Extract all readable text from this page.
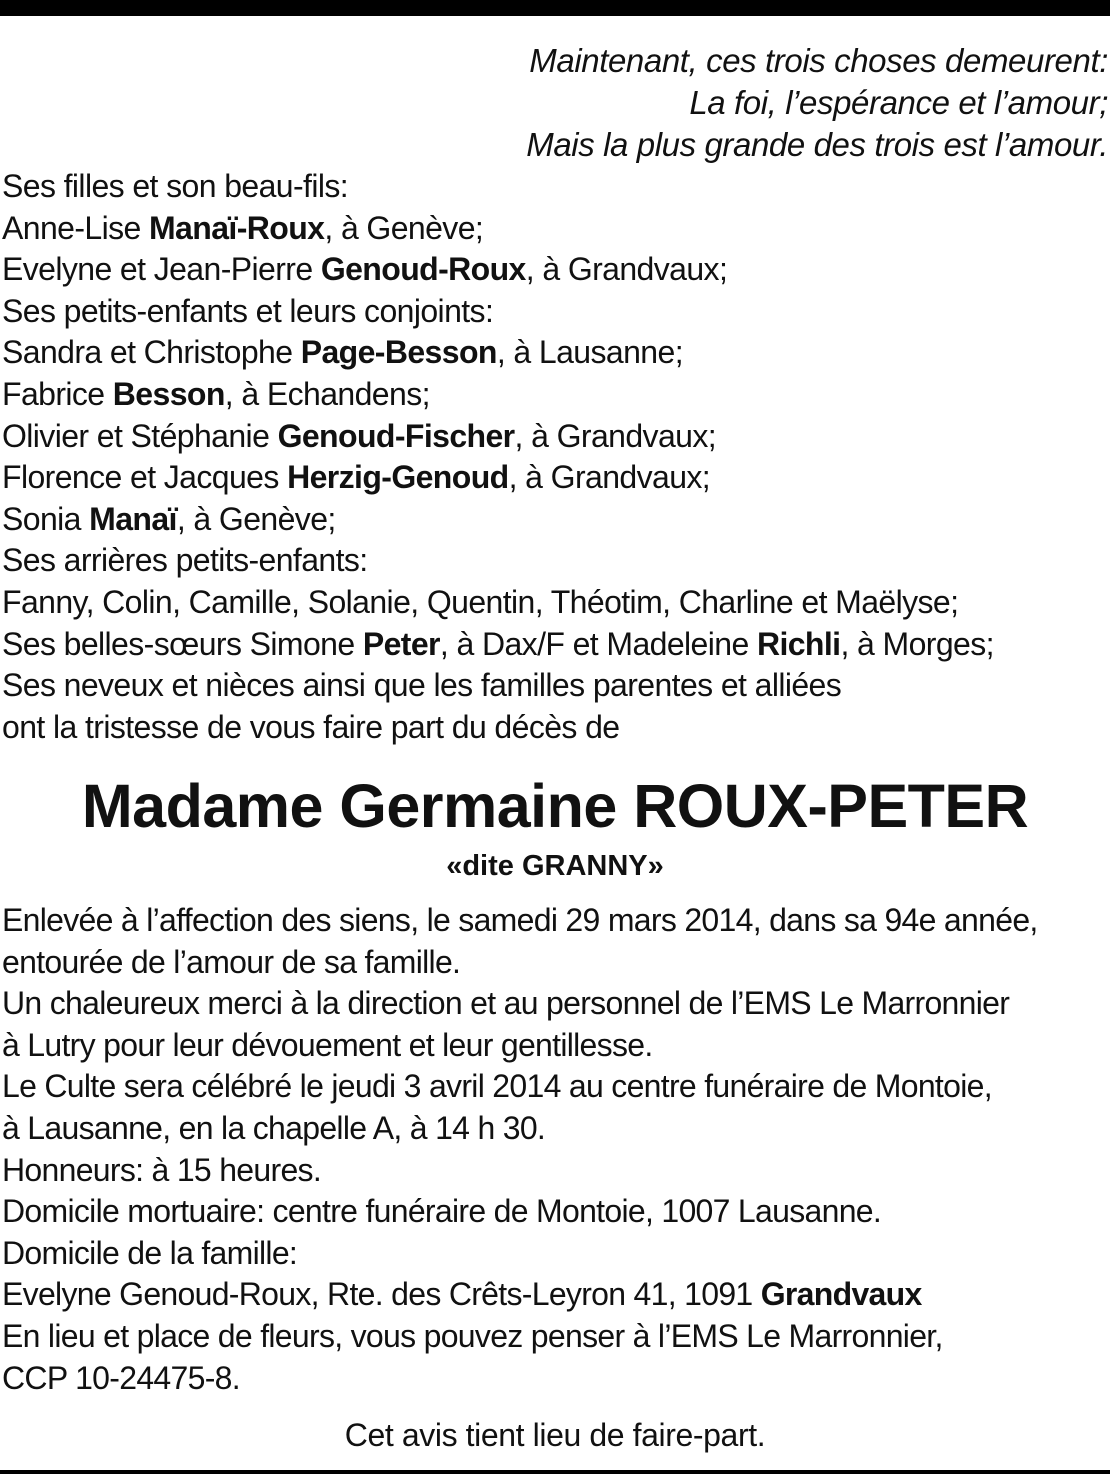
Maintenant, ces trois choses demeurent:
La foi, l’espérance et l’amour;
Mais la plus grande des trois est l’amour.
Ses filles et son beau-fils:
Anne-Lise Manaï-Roux, à Genève;
Evelyne et Jean-Pierre Genoud-Roux, à Grandvaux;
Ses petits-enfants et leurs conjoints:
Sandra et Christophe Page-Besson, à Lausanne;
Fabrice Besson, à Echandens;
Olivier et Stéphanie Genoud-Fischer, à Grandvaux;
Florence et Jacques Herzig-Genoud, à Grandvaux;
Sonia Manaï, à Genève;
Ses arrières petits-enfants:
Fanny, Colin, Camille, Solanie, Quentin, Théotim, Charline et Maëlyse;
Ses belles-sœurs Simone Peter, à Dax/F et Madeleine Richli, à Morges;
Ses neveux et nièces ainsi que les familles parentes et alliées
ont la tristesse de vous faire part du décès de
Madame Germaine ROUX-PETER
«dite GRANNY»
Enlevée à l’affection des siens, le samedi 29 mars 2014, dans sa 94e année,
entourée de l’amour de sa famille.
Un chaleureux merci à la direction et au personnel de l’EMS Le Marronnier
à Lutry pour leur dévouement et leur gentillesse.
Le Culte sera célébré le jeudi 3 avril 2014 au centre funéraire de Montoie,
à Lausanne, en la chapelle A, à 14 h 30.
Honneurs: à 15 heures.
Domicile mortuaire: centre funéraire de Montoie, 1007 Lausanne.
Domicile de la famille:
Evelyne Genoud-Roux, Rte. des Crêts-Leyron 41, 1091 Grandvaux
En lieu et place de fleurs, vous pouvez penser à l’EMS Le Marronnier,
CCP 10-24475-8.
Cet avis tient lieu de faire-part.
